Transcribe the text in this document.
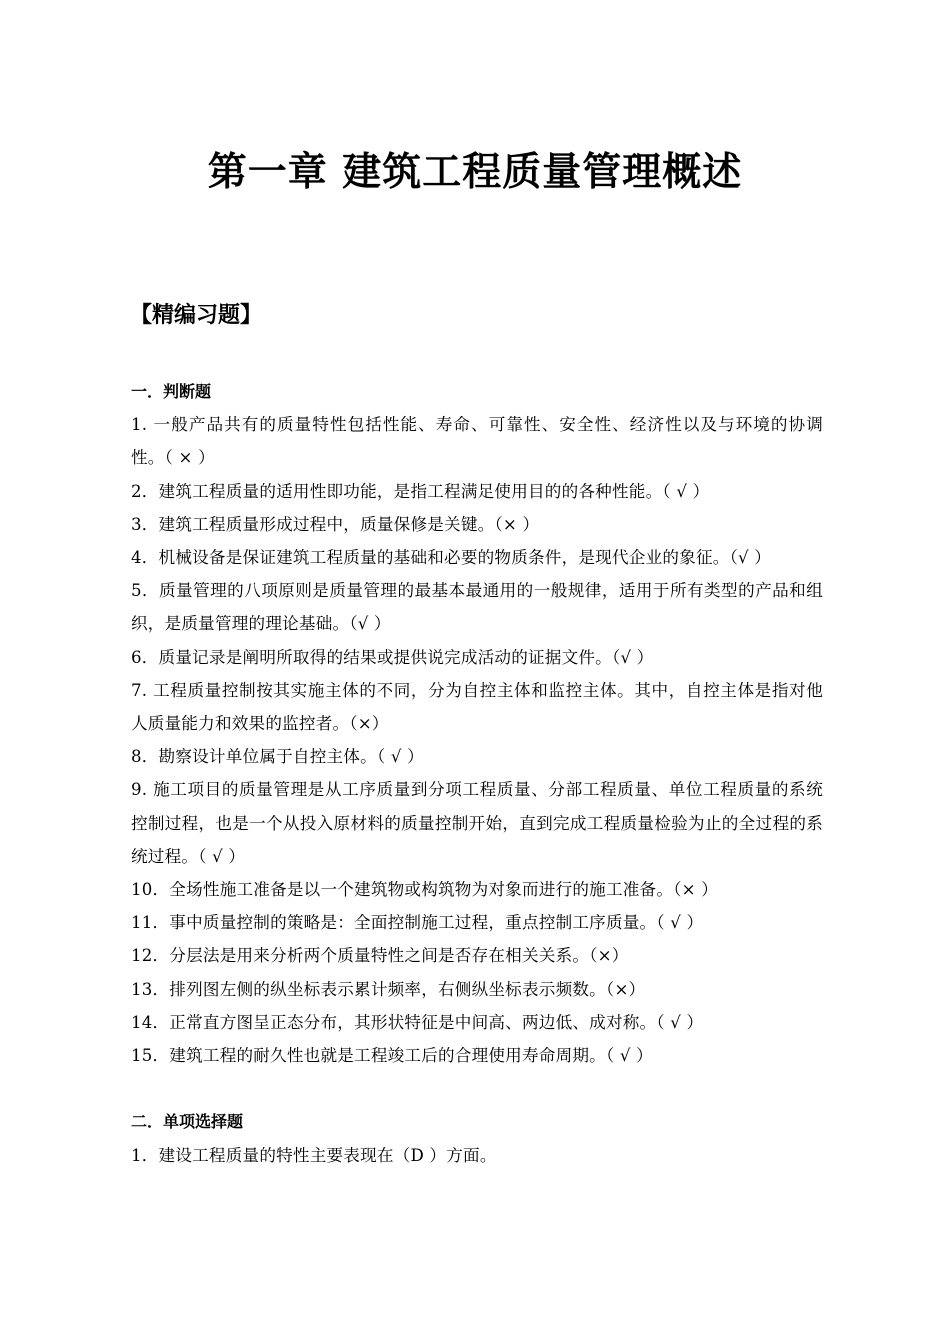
第一章 建筑工程质量管理概述
【精编习题】

一．判断题

1. 一般产品共有的质量特性包括性能、寿命、可靠性、安全性、经济性以及与环境的协调性。（ × ）

2．建筑工程质量的适用性即功能，是指工程满足使用目的的各种性能。（ √ ）

3．建筑工程质量形成过程中，质量保修是关键。（× ）

4．机械设备是保证建筑工程质量的基础和必要的物质条件，是现代企业的象征。（√ ）

5．质量管理的八项原则是质量管理的最基本最通用的一般规律，适用于所有类型的产品和组织，是质量管理的理论基础。（√ ）

6．质量记录是阐明所取得的结果或提供说完成活动的证据文件。（√ ）

7. 工程质量控制按其实施主体的不同，分为自控主体和监控主体。其中，自控主体是指对他人质量能力和效果的监控者。（×）

8．勘察设计单位属于自控主体。（ √ ）

9. 施工项目的质量管理是从工序质量到分项工程质量、分部工程质量、单位工程质量的系统控制过程，也是一个从投入原材料的质量控制开始，直到完成工程质量检验为止的全过程的系统过程。（ √ ）

10．全场性施工准备是以一个建筑物或构筑物为对象而进行的施工准备。（× ）

11．事中质量控制的策略是：全面控制施工过程，重点控制工序质量。（ √ ）

12．分层法是用来分析两个质量特性之间是否存在相关关系。（×）

13．排列图左侧的纵坐标表示累计频率，右侧纵坐标表示频数。（×）

14．正常直方图呈正态分布，其形状特征是中间高、两边低、成对称。（ √ ）

15．建筑工程的耐久性也就是工程竣工后的合理使用寿命周期。（ √ ）

二．单项选择题

1．建设工程质量的特性主要表现在（D ）方面。
